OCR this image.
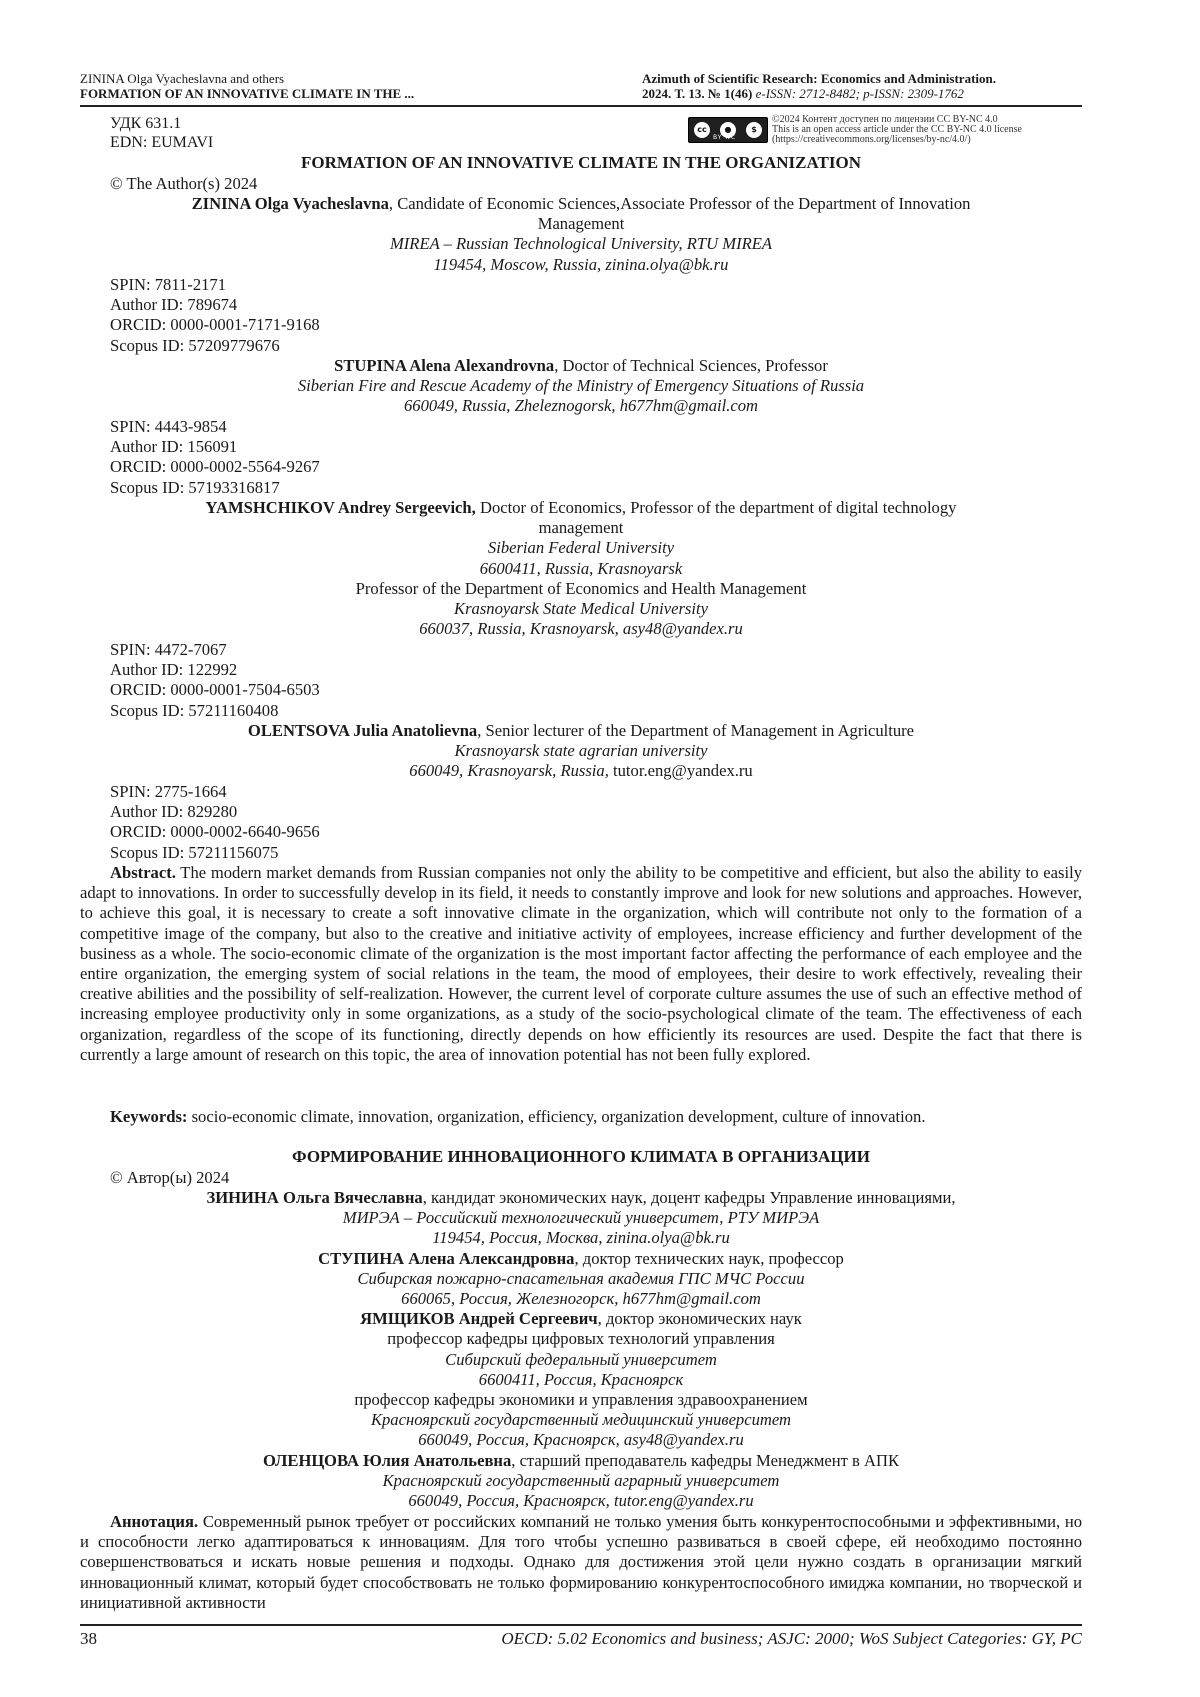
ZININA Olga Vyacheslavna and others
FORMATION OF AN INNOVATIVE CLIMATE IN THE ...
Azimuth of Scientific Research: Economics and Administration.
2024. Т. 13. № 1(46) e-ISSN: 2712-8482; p-ISSN: 2309-1762
УДК 631.1
EDN: EUMAVI
cc	●	$
BY NC
©2024 Контент доступен по лицензии CC BY-NC 4.0
This is an open access article under the CC BY-NC 4.0 license
(https://creativecommons.org/licenses/by-nc/4.0/)
FORMATION OF AN INNOVATIVE CLIMATE IN THE ORGANIZATION
© The Author(s) 2024
ZININA Olga Vyacheslavna, Candidate of Economic Sciences,Associate Professor of the Department of Innovation
Management
MIREA – Russian Technological University, RTU MIREA
119454, Moscow, Russia, zinina.olya@bk.ru
SPIN: 7811-2171
Author ID: 789674
ORCID: 0000-0001-7171-9168
Scopus ID: 57209779676
STUPINA Alena Alexandrovna, Doctor of Technical Sciences, Professor
Siberian Fire and Rescue Academy of the Ministry of Emergency Situations of Russia
660049, Russia, Zheleznogorsk, h677hm@gmail.com
SPIN: 4443-9854
Author ID: 156091
ORCID: 0000-0002-5564-9267
Scopus ID: 57193316817
YAMSHCHIKOV Andrey Sergeevich, Doctor of Economics, Professor of the department of digital technology
management
Siberian Federal University
6600411, Russia, Krasnoyarsk
Professor of the Department of Economics and Health Management
Krasnoyarsk State Medical University
660037, Russia, Krasnoyarsk, asy48@yandex.ru
SPIN: 4472-7067
Author ID: 122992
ORCID: 0000-0001-7504-6503
Scopus ID: 57211160408
OLENTSOVA Julia Anatolievna, Senior lecturer of the Department of Management in Agriculture
Krasnoyarsk state agrarian university
660049, Krasnoyarsk, Russia, tutor.eng@yandex.ru
SPIN: 2775-1664
Author ID: 829280
ORCID: 0000-0002-6640-9656
Scopus ID: 57211156075
Abstract. The modern market demands from Russian companies not only the ability to be competitive and efficient, but also the ability to easily adapt to innovations. In order to successfully develop in its field, it needs to constantly improve and look for new solutions and approaches. However, to achieve this goal, it is necessary to create a soft innovative climate in the organization, which will contribute not only to the formation of a competitive image of the company, but also to the creative and initiative activity of employees, increase efficiency and further development of the business as a whole. The socio-economic climate of the organization is the most important factor affecting the performance of each employee and the entire organization, the emerging system of social relations in the team, the mood of employees, their desire to work effectively, revealing their creative abilities and the possibility of self-realization. However, the current level of corporate culture assumes the use of such an effective method of increasing employee productivity only in some organizations, as a study of the socio-psychological climate of the team. The effectiveness of each organization, regardless of the scope of its functioning, directly depends on how efficiently its resources are used. Despite the fact that there is currently a large amount of research on this topic, the area of innovation potential has not been fully explored.
Keywords: socio-economic climate, innovation, organization, efficiency, organization development, culture of innovation.
ФОРМИРОВАНИЕ ИННОВАЦИОННОГО КЛИМАТА В ОРГАНИЗАЦИИ
© Автор(ы) 2024
ЗИНИНА Ольга Вячеславна, кандидат экономических наук, доцент кафедры Управление инновациями,
МИРЭА – Российский технологический университет, РТУ МИРЭА
119454, Россия, Москва, zinina.olya@bk.ru
СТУПИНА Алена Александровна, доктор технических наук, профессор
Сибирская пожарно-спасательная академия ГПС МЧС России
660065, Россия, Железногорск, h677hm@gmail.com
ЯМЩИКОВ Андрей Сергеевич, доктор экономических наук
профессор кафедры цифровых технологий управления
Сибирский федеральный университет
6600411, Россия, Красноярск
профессор кафедры экономики и управления здравоохранением
Красноярский государственный медицинский университет
660049, Россия, Красноярск, asy48@yandex.ru
ОЛЕНЦОВА Юлия Анатольевна, старший преподаватель кафедры Менеджмент в АПК
Красноярский государственный аграрный университет
660049, Россия, Красноярск, tutor.eng@yandex.ru
Аннотация. Современный рынок требует от российских компаний не только умения быть конкурентоспособными и эффективными, но и способности легко адаптироваться к инновациям. Для того чтобы успешно развиваться в своей сфере, ей необходимо постоянно совершенствоваться и искать новые решения и подходы. Однако для достижения этой цели нужно создать в организации мягкий инновационный климат, который будет способствовать не только формированию конкурентоспособного имиджа компании, но творческой и инициативной активности
38	OECD: 5.02 Economics and business; ASJC: 2000; WoS Subject Categories: GY, PC
